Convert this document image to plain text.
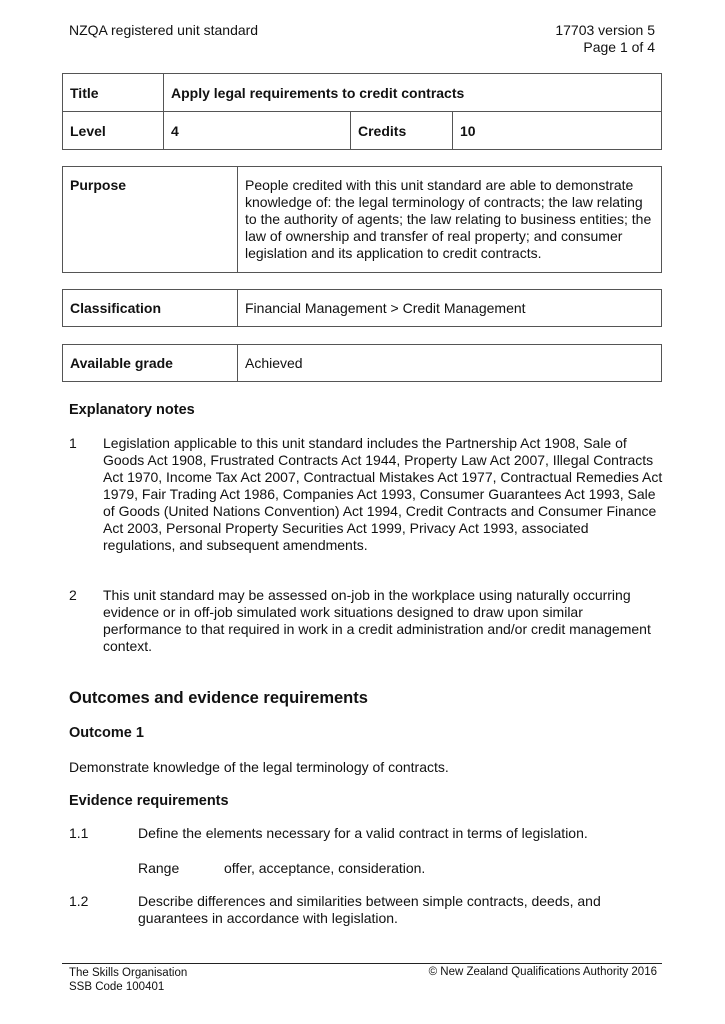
NZQA registered unit standard	17703 version 5
Page 1 of 4
Title	Apply legal requirements to credit contracts		
Level	4	Credits	10
Purpose	People credited with this unit standard are able to demonstrate knowledge of: the legal terminology of contracts; the law relating to the authority of agents; the law relating to business entities; the law of ownership and transfer of real property; and consumer legislation and its application to credit contracts.
Classification	Financial Management > Credit Management
Available grade	Achieved
Explanatory notes
1 Legislation applicable to this unit standard includes the Partnership Act 1908, Sale of Goods Act 1908, Frustrated Contracts Act 1944, Property Law Act 2007, Illegal Contracts Act 1970, Income Tax Act 2007, Contractual Mistakes Act 1977, Contractual Remedies Act 1979, Fair Trading Act 1986, Companies Act 1993, Consumer Guarantees Act 1993, Sale of Goods (United Nations Convention) Act 1994, Credit Contracts and Consumer Finance Act 2003, Personal Property Securities Act 1999, Privacy Act 1993, associated regulations, and subsequent amendments.
2 This unit standard may be assessed on-job in the workplace using naturally occurring evidence or in off-job simulated work situations designed to draw upon similar performance to that required in work in a credit administration and/or credit management context.
Outcomes and evidence requirements
Outcome 1
Demonstrate knowledge of the legal terminology of contracts.
Evidence requirements
1.1	Define the elements necessary for a valid contract in terms of legislation.
Range	offer, acceptance, consideration.
1.2	Describe differences and similarities between simple contracts, deeds, and guarantees in accordance with legislation.
The Skills Organisation
SSB Code 100401
© New Zealand Qualifications Authority 2016
